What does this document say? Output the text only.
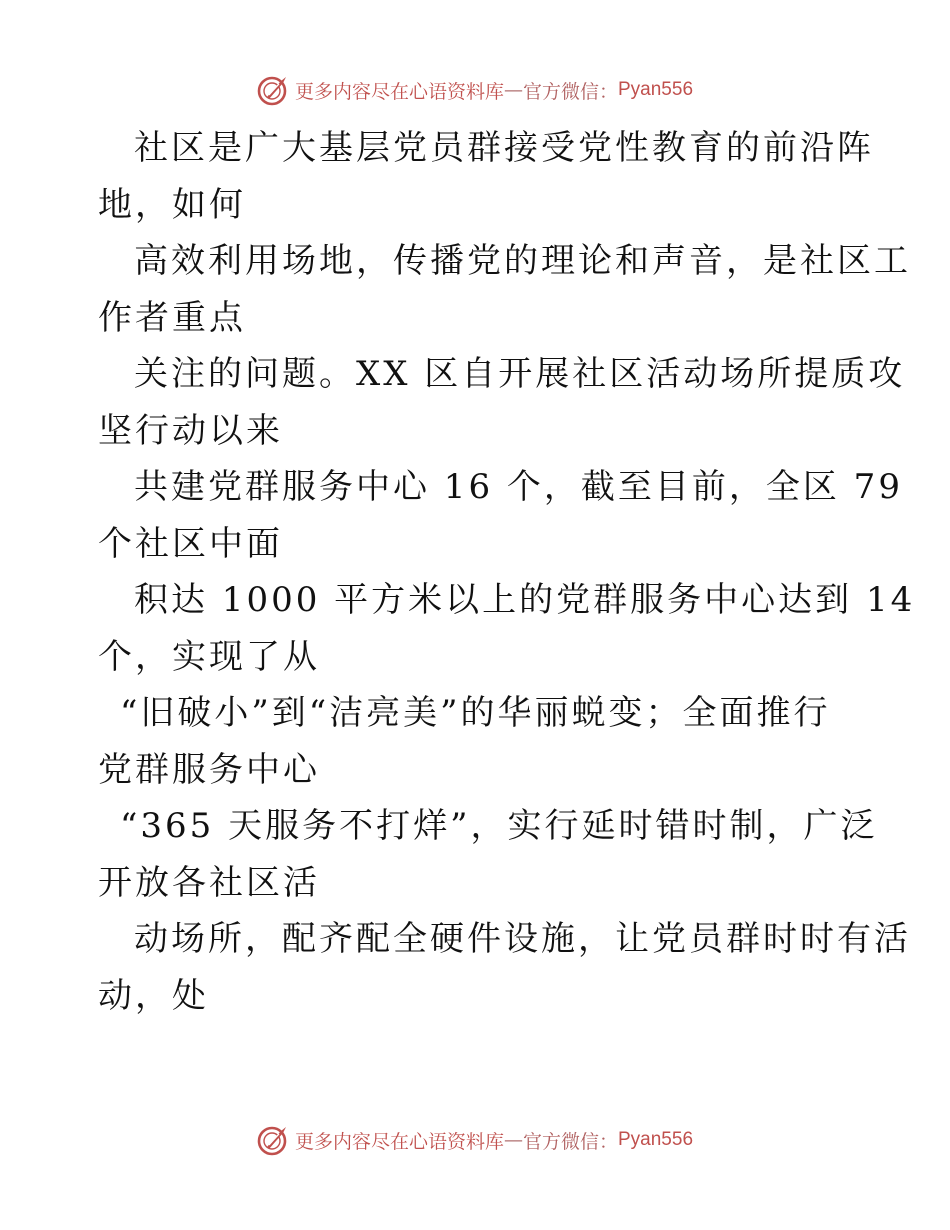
更多内容尽在心语资料库 — 官方微信： Pyan556

社区是广大基层党员群接受党性教育的前沿阵
地，如何

高效利用场地，传播党的理论和声音，是社区工
作者重点

关注的问题。XX 区自开展社区活动场所提质攻
坚行动以来

共建党群服务中心 16 个，截至目前，全区 79
个社区中面

积达 1000 平方米以上的党群服务中心达到 14
个，实现了从

“旧破小”到“洁亮美”的华丽蜕变；全面推行
党群服务中心

“365 天服务不打烊”，实行延时错时制，广泛
开放各社区活

动场所，配齐配全硬件设施，让党员群时时有活
动，处

更多内容尽在心语资料库 — 官方微信： Pyan556
